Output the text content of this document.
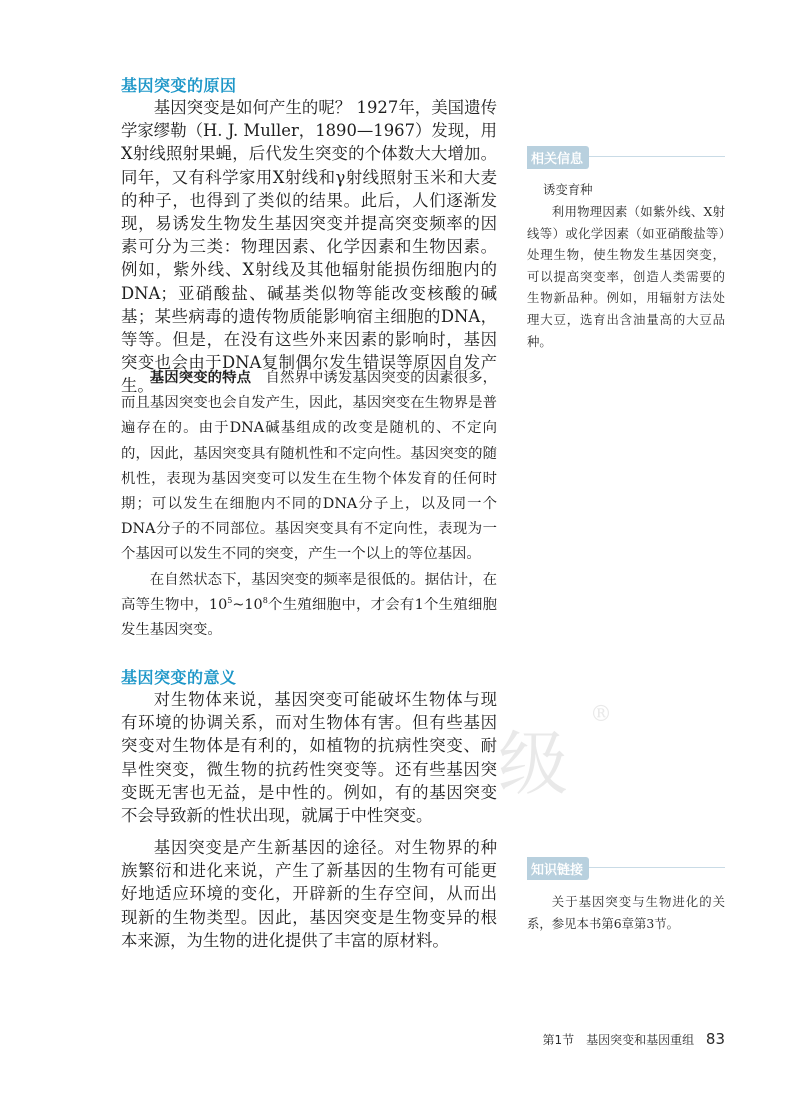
基因突变的原因

基因突变是如何产生的呢？ 1927年，美国遗传学家缪勒（H. J. Muller，1890—1967）发现，用X射线照射果蝇，后代发生突变的个体数大大增加。同年，又有科学家用X射线和γ射线照射玉米和大麦的种子，也得到了类似的结果。此后，人们逐渐发现，易诱发生物发生基因突变并提高突变频率的因素可分为三类：物理因素、化学因素和生物因素。例如，紫外线、X射线及其他辐射能损伤细胞内的DNA；亚硝酸盐、碱基类似物等能改变核酸的碱基；某些病毒的遗传物质能影响宿主细胞的DNA，等等。但是，在没有这些外来因素的影响时，基因突变也会由于DNA复制偶尔发生错误等原因自发产生。

基因突变的特点　 自然界中诱发基因突变的因素很多，而且基因突变也会自发产生，因此，基因突变在生物界是普遍存在的。由于DNA碱基组成的改变是随机的、不定向的，因此，基因突变具有随机性和不定向性。基因突变的随机性，表现为基因突变可以发生在生物个体发育的任何时期；可以发生在细胞内不同的DNA分子上，以及同一个DNA分子的不同部位。基因突变具有不定向性，表现为一个基因可以发生不同的突变，产生一个以上的等位基因。

在自然状态下，基因突变的频率是很低的。据估计，在高等生物中，$10^5\sim 10^8$个生殖细胞中，才会有1个生殖细胞发生基因突变。

基因突变的意义

对生物体来说，基因突变可能破坏生物体与现有环境的协调关系，而对生物体有害。但有些基因突变对生物体是有利的，如植物的抗病性突变、耐旱性突变，微生物的抗药性突变等。还有些基因突变既无害也无益，是中性的。例如，有的基因突变不会导致新的性状出现，就属于中性突变。

基因突变是产生新基因的途径。对生物界的种族繁衍和进化来说，产生了新基因的生物有可能更好地适应环境的变化，开辟新的生存空间，从而出现新的生物类型。因此，基因突变是生物变异的根本来源，为生物的进化提供了丰富的原材料。

相关信息
诱变育种

利用物理因素（如紫外线、X射线等）或化学因素（如亚硝酸盐等）处理生物，使生物发生基因突变，可以提高突变率，创造人类需要的生物新品种。例如，用辐射方法处理大豆，选育出含油量高的大豆品种。

知识链接

关于基因突变与生物进化的关系，参见本书第6章第3节。

级
®
第1节　基因突变和基因重组 83
